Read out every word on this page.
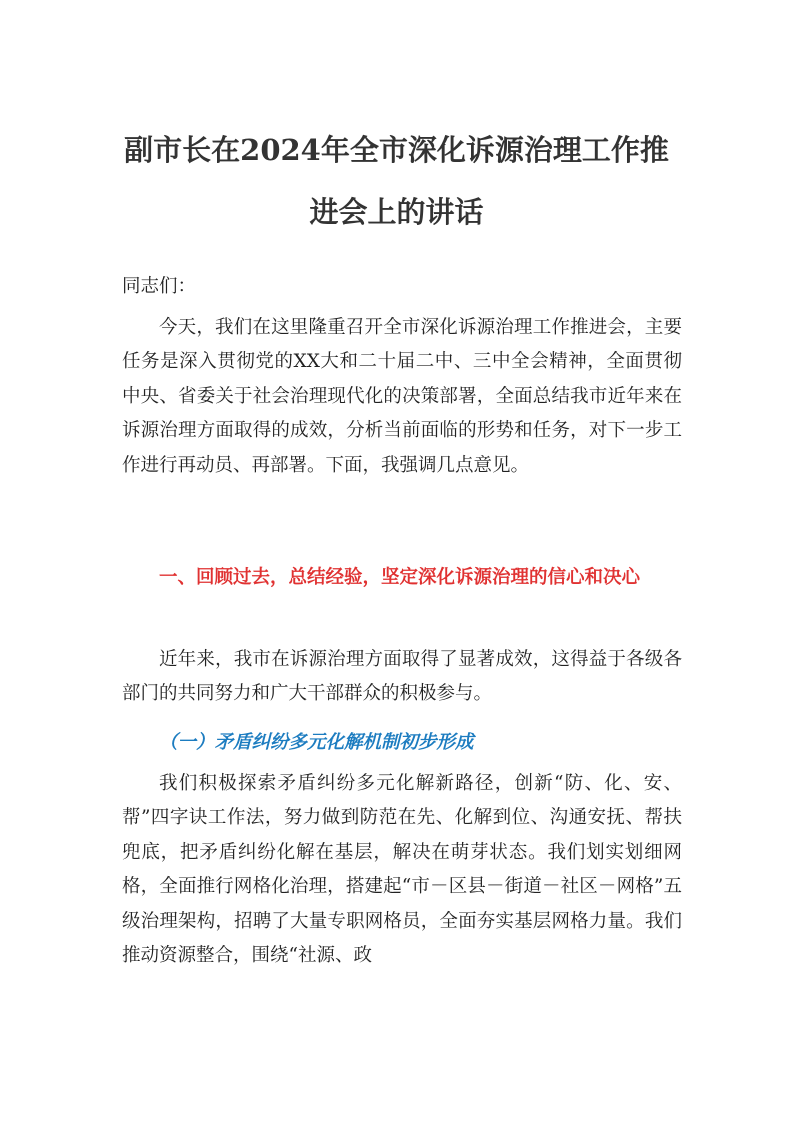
副市长在2024年全市深化诉源治理工作推
进会上的讲话

同志们：

今天，我们在这里隆重召开全市深化诉源治理工作推进会，主要任务是深入贯彻党的XX大和二十届二中、三中全会精神，全面贯彻中央、省委关于社会治理现代化的决策部署，全面总结我市近年来在诉源治理方面取得的成效，分析当前面临的形势和任务，对下一步工作进行再动员、再部署。下面，我强调几点意见。

一、回顾过去，总结经验，坚定深化诉源治理的信心和决心

近年来，我市在诉源治理方面取得了显著成效，这得益于各级各部门的共同努力和广大干部群众的积极参与。

（一）矛盾纠纷多元化解机制初步形成

我们积极探索矛盾纠纷多元化解新路径，创新“防、化、安、帮”四字诀工作法，努力做到防范在先、化解到位、沟通安抚、帮扶兜底，把矛盾纠纷化解在基层，解决在萌芽状态。我们划实划细网格，全面推行网格化治理，搭建起“市－区县－街道－社区－网格”五级治理架构，招聘了大量专职网格员，全面夯实基层网格力量。我们推动资源整合，围绕“社源、政
